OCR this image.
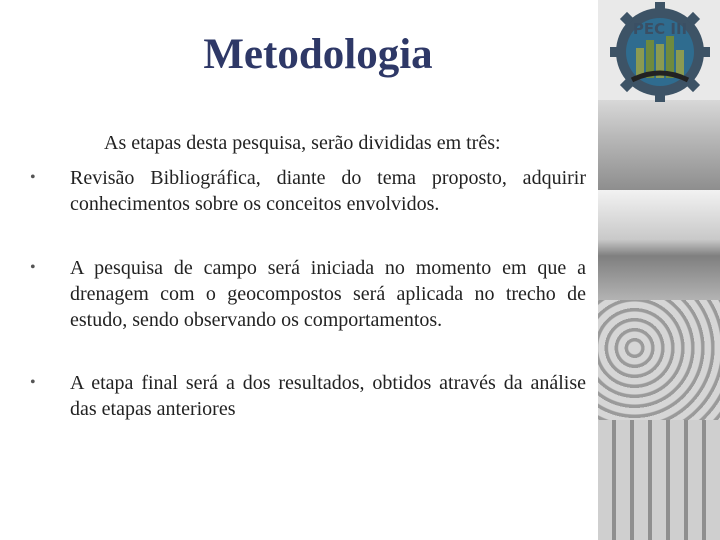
Metodologia
As etapas desta pesquisa, serão divididas em três:
• Revisão Bibliográfica, diante do tema proposto, adquirir conhecimentos sobre os conceitos envolvidos.
• A pesquisa de campo será iniciada no momento em que a drenagem com o geocompostos será aplicada no trecho de estudo, sendo observando os comportamentos.
• A etapa final será a dos resultados, obtidos através da análise das etapas anteriores
PEC III
